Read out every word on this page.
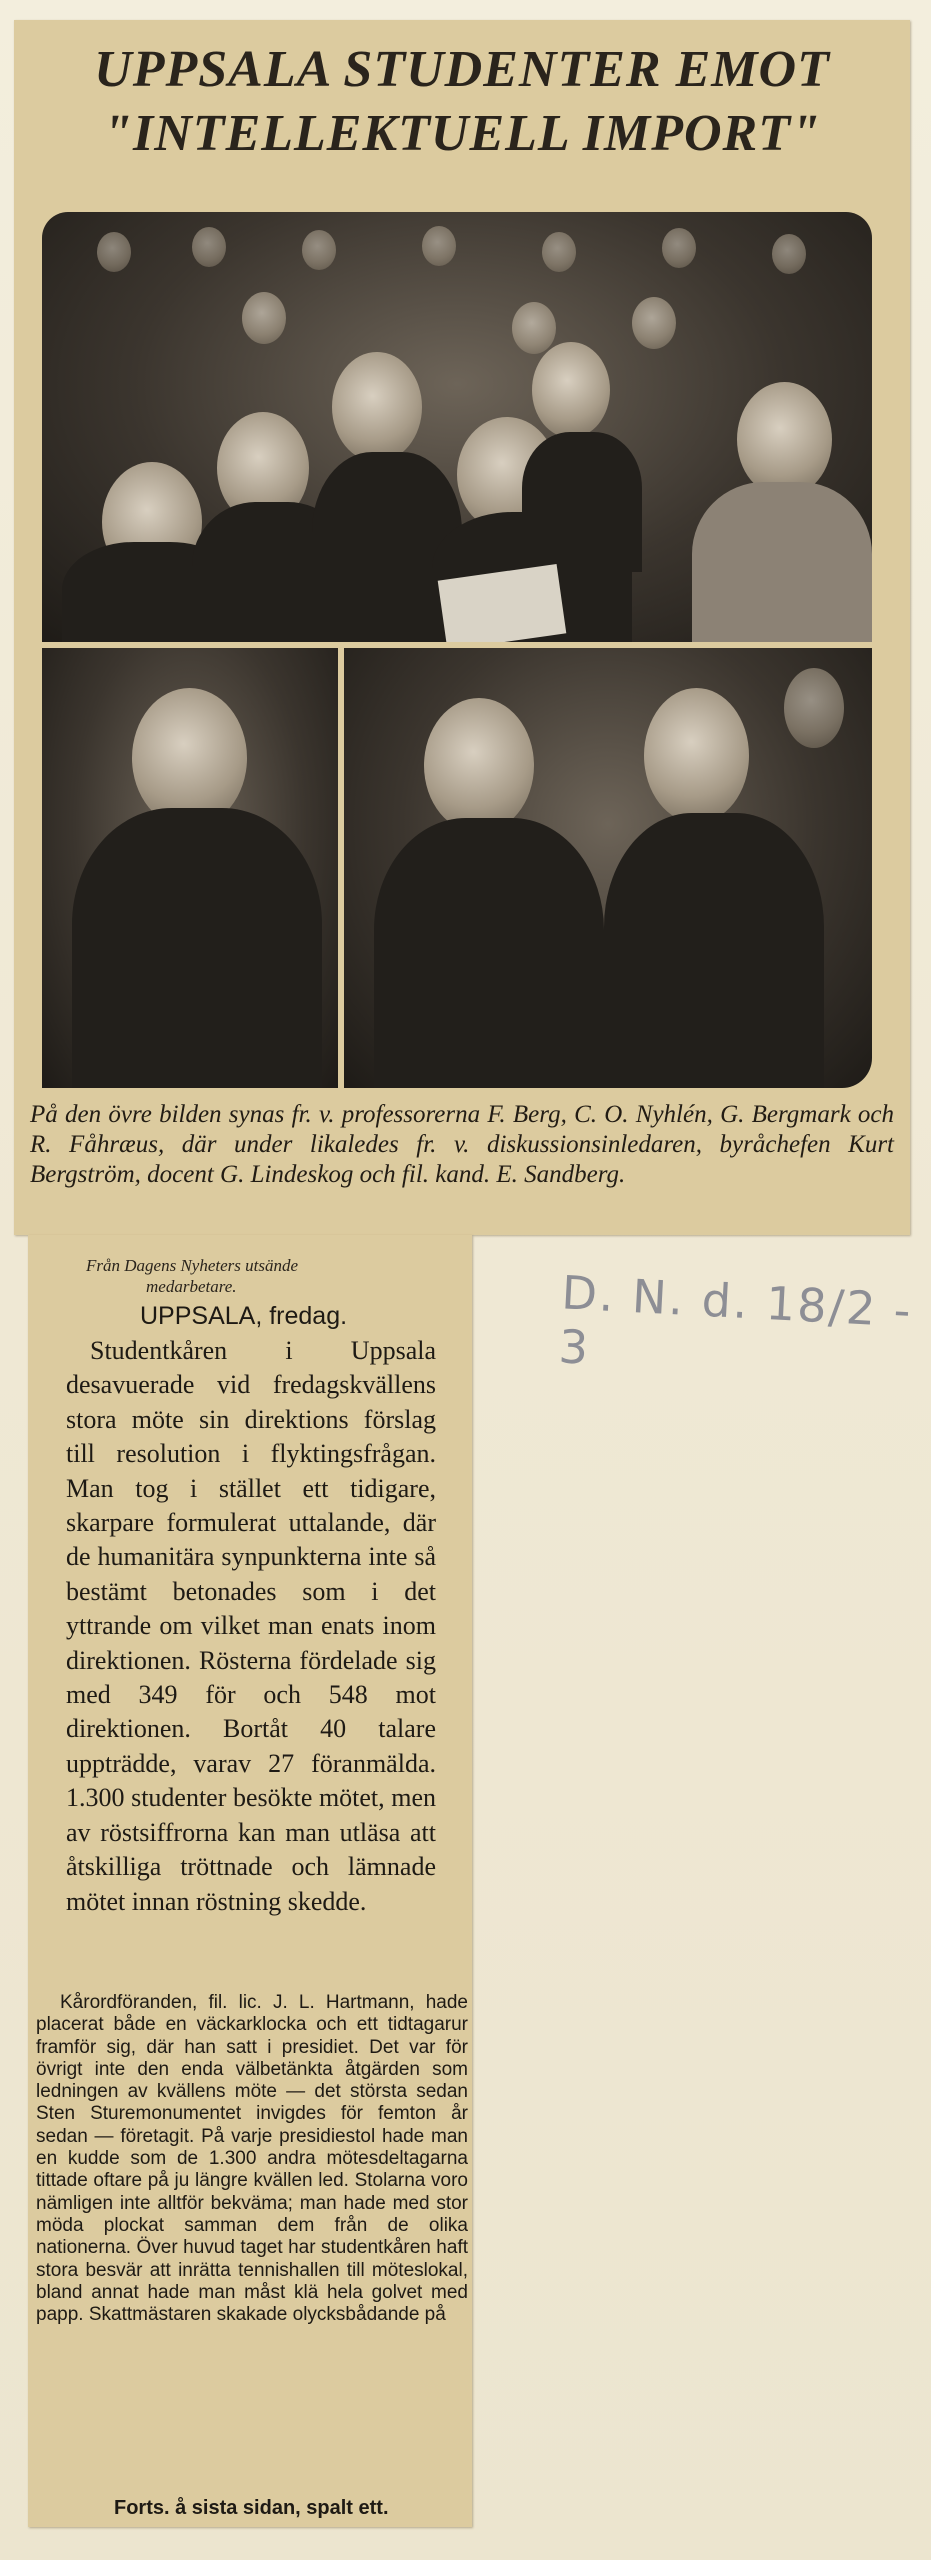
UPPSALA STUDENTER EMOT
"INTELLEKTUELL IMPORT"
På den övre bilden synas fr. v. professorerna F. Berg, C. O. Nyhlén, G. Bergmark och R. Fåhræus, där under likaledes fr. v. diskussionsinledaren, byråchefen Kurt Bergström, docent G. Lindeskog och fil. kand. E. Sandberg.
Från Dagens Nyheters utsände
medarbetare.
UPPSALA, fredag.

Studentkåren i Uppsala desavuerade vid fredagskvällens stora möte sin direktions förslag till resolution i flyktingsfrågan. Man tog i stället ett tidigare, skarpare formulerat uttalande, där de humanitära synpunkterna inte så bestämt betonades som i det yttrande om vilket man enats inom direktionen. Rösterna fördelade sig med 349 för och 548 mot direktionen. Bortåt 40 talare uppträdde, varav 27 föranmälda. 1.300 studenter besökte mötet, men av röstsiffrorna kan man utläsa att åtskilliga tröttnade och lämnade mötet innan röstning skedde.

Kårordföranden, fil. lic. J. L. Hartmann, hade placerat både en väckarklocka och ett tidtagarur framför sig, där han satt i presidiet. Det var för övrigt inte den enda välbetänkta åtgärden som ledningen av kvällens möte — det största sedan Sten Sturemonumentet invigdes för femton år sedan — företagit. På varje presidiestol hade man en kudde som de 1.300 andra mötesdeltagarna tittade oftare på ju längre kvällen led. Stolarna voro nämligen inte alltför bekväma; man hade med stor möda plockat samman dem från de olika nationerna. Över huvud taget har studentkåren haft stora besvär att inrätta tennishallen till möteslokal, bland annat hade man måst klä hela golvet med papp. Skattmästaren skakade olycksbådande på

Forts. å sista sidan, spalt ett.
D. N. d. 18/2 - 3
